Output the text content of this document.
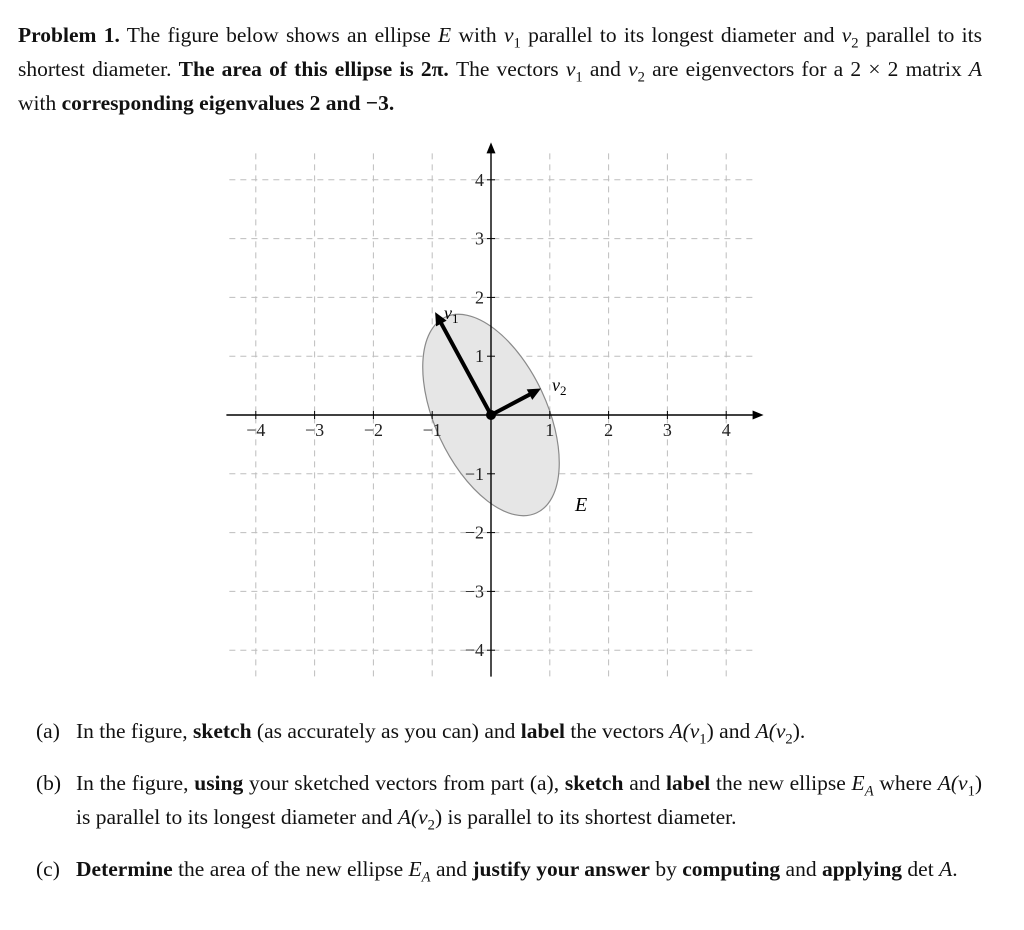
Problem 1. The figure below shows an ellipse E with $v_1$ parallel to its longest diameter and $v_2$ parallel to its shortest diameter. The area of this ellipse is 2π. The vectors $v_1$ and $v_2$ are eigenvectors for a 2 × 2 matrix A with corresponding eigenvalues 2 and −3.
−4 −3 −2 −1	1	2	3	4
4
3
2
1
−1
−2
−3
−4
$v_1$
$v_2$
E
(a) In the figure, sketch (as accurately as you can) and label the vectors $A(v_1)$ and $A(v_2)$.
(b) In the figure, using your sketched vectors from part (a), sketch and label the new ellipse $E_A$ where $A(v_1)$ is parallel to its longest diameter and $A(v_2)$ is parallel to its shortest diameter.
(c) Determine the area of the new ellipse $E_A$ and justify your answer by computing and applying det A.
